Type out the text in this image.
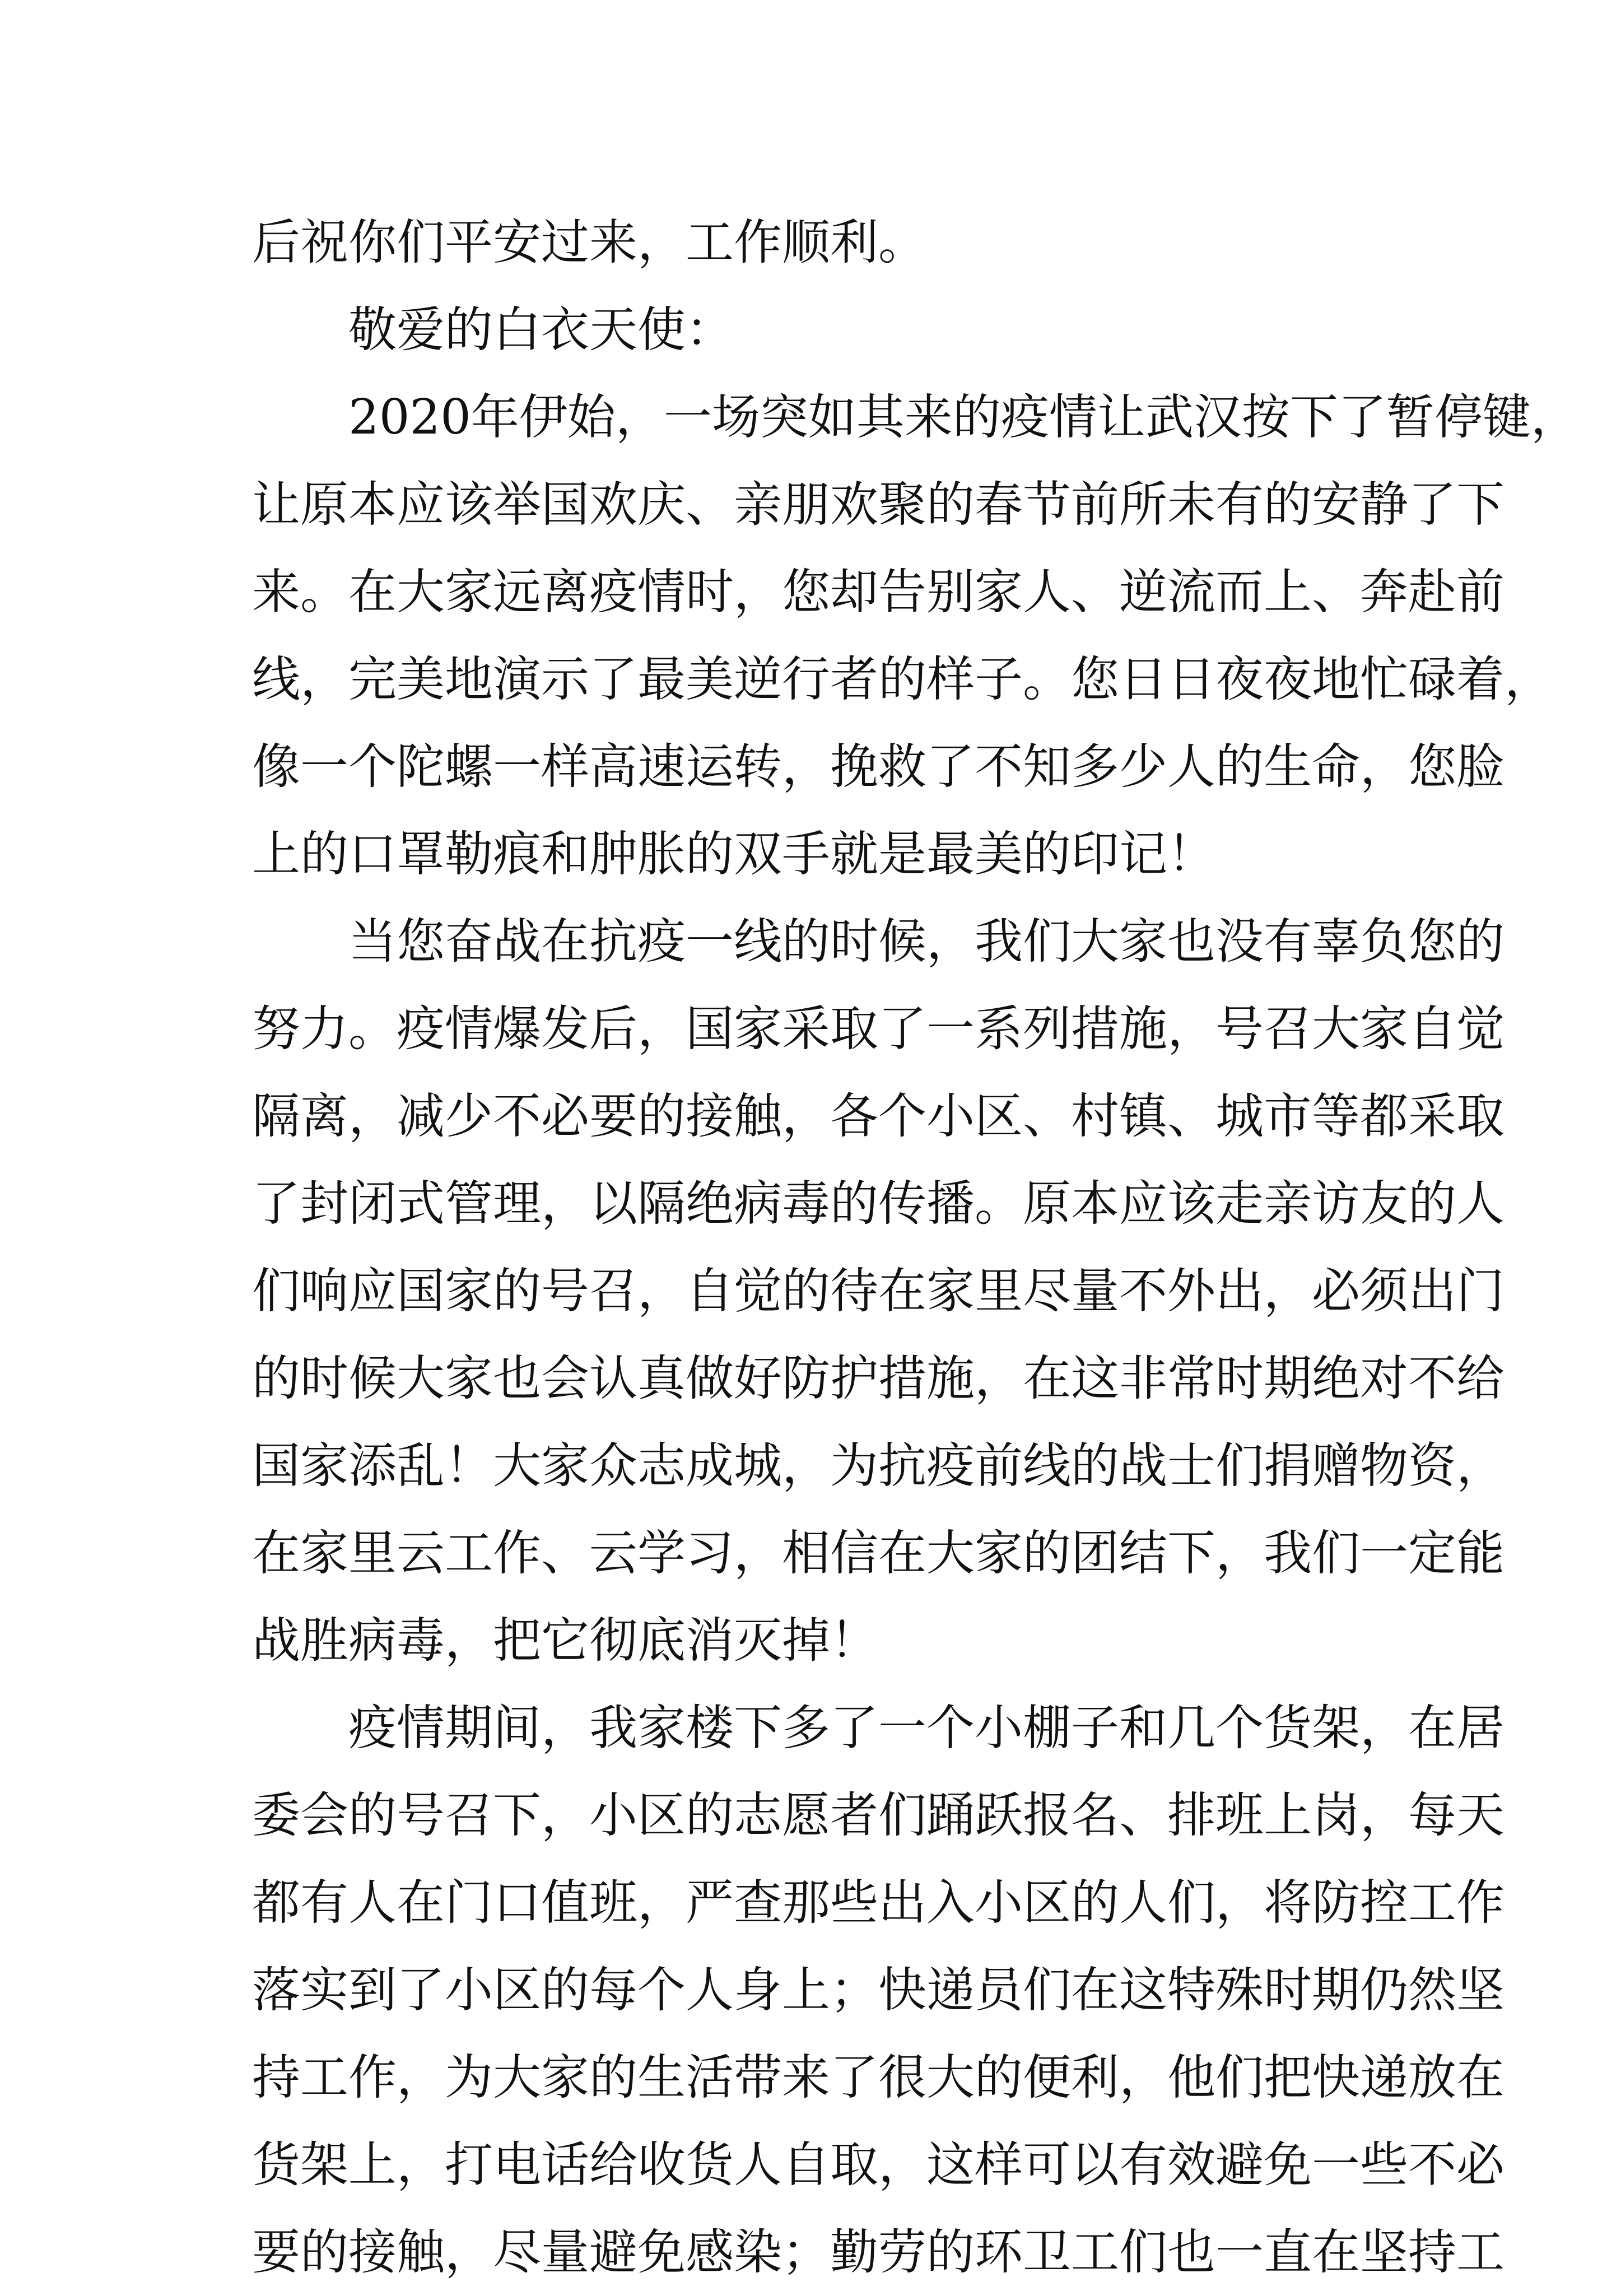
后祝你们平安过来，工作顺利。
敬爱的白衣天使：
2020年伊始，一场突如其来的疫情让武汉按下了暂停键，
让原本应该举国欢庆、亲朋欢聚的春节前所未有的安静了下
来。在大家远离疫情时，您却告别家人、逆流而上、奔赴前
线，完美地演示了最美逆行者的样子。您日日夜夜地忙碌着，
像一个陀螺一样高速运转，挽救了不知多少人的生命，您脸
上的口罩勒痕和肿胀的双手就是最美的印记！
当您奋战在抗疫一线的时候，我们大家也没有辜负您的
努力。疫情爆发后，国家采取了一系列措施，号召大家自觉
隔离，减少不必要的接触，各个小区、村镇、城市等都采取
了封闭式管理，以隔绝病毒的传播。原本应该走亲访友的人
们响应国家的号召，自觉的待在家里尽量不外出，必须出门
的时候大家也会认真做好防护措施，在这非常时期绝对不给
国家添乱！大家众志成城，为抗疫前线的战士们捐赠物资，
在家里云工作、云学习，相信在大家的团结下，我们一定能
战胜病毒，把它彻底消灭掉！
疫情期间，我家楼下多了一个小棚子和几个货架，在居
委会的号召下，小区的志愿者们踊跃报名、排班上岗，每天
都有人在门口值班，严查那些出入小区的人们，将防控工作
落实到了小区的每个人身上；快递员们在这特殊时期仍然坚
持工作，为大家的生活带来了很大的便利，他们把快递放在
货架上，打电话给收货人自取，这样可以有效避免一些不必
要的接触，尽量避免感染；勤劳的环卫工们也一直在坚持工
